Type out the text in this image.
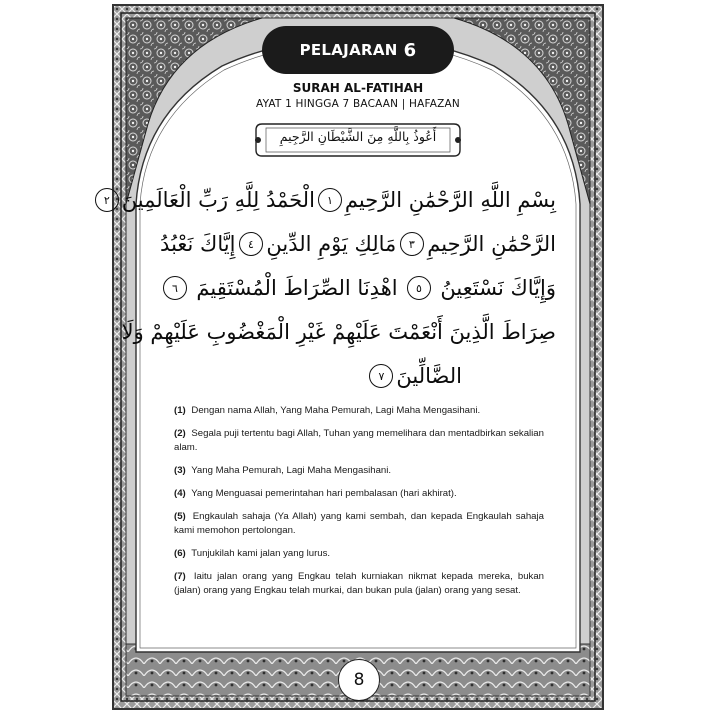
PELAJARAN 6
SURAH AL-FATIHAH
AYAT 1 HINGGA 7 BACAAN | HAFAZAN
أَعُوذُ بِاللَّهِ مِنَ الشَّيْطَانِ الرَّجِيمِ
بِسْمِ اللَّهِ الرَّحْمَٰنِ الرَّحِيمِ
١
الْحَمْدُ لِلَّهِ رَبِّ الْعَالَمِينَ
٢
الرَّحْمَٰنِ الرَّحِيمِ
٣
مَالِكِ يَوْمِ الدِّينِ
٤
إِيَّاكَ نَعْبُدُ
وَإِيَّاكَ نَسْتَعِينُ
٥
اهْدِنَا الصِّرَاطَ الْمُسْتَقِيمَ
٦
صِرَاطَ الَّذِينَ أَنْعَمْتَ عَلَيْهِمْ غَيْرِ الْمَغْضُوبِ عَلَيْهِمْ وَلَا
الضَّالِّينَ
٧

(1) Dengan nama Allah, Yang Maha Pemurah, Lagi Maha Mengasihani.

(2) Segala puji tertentu bagi Allah, Tuhan yang memelihara dan mentadbirkan sekalian alam.

(3) Yang Maha Pemurah, Lagi Maha Mengasihani.

(4) Yang Menguasai pemerintahan hari pembalasan (hari akhirat).

(5) Engkaulah sahaja (Ya Allah) yang kami sembah, dan kepada Engkaulah sahaja kami memohon pertolongan.

(6) Tunjukilah kami jalan yang lurus.

(7) Iaitu jalan orang yang Engkau telah kurniakan nikmat kepada mereka, bukan (jalan) orang yang Engkau telah murkai, dan bukan pula (jalan) orang yang sesat.

8
